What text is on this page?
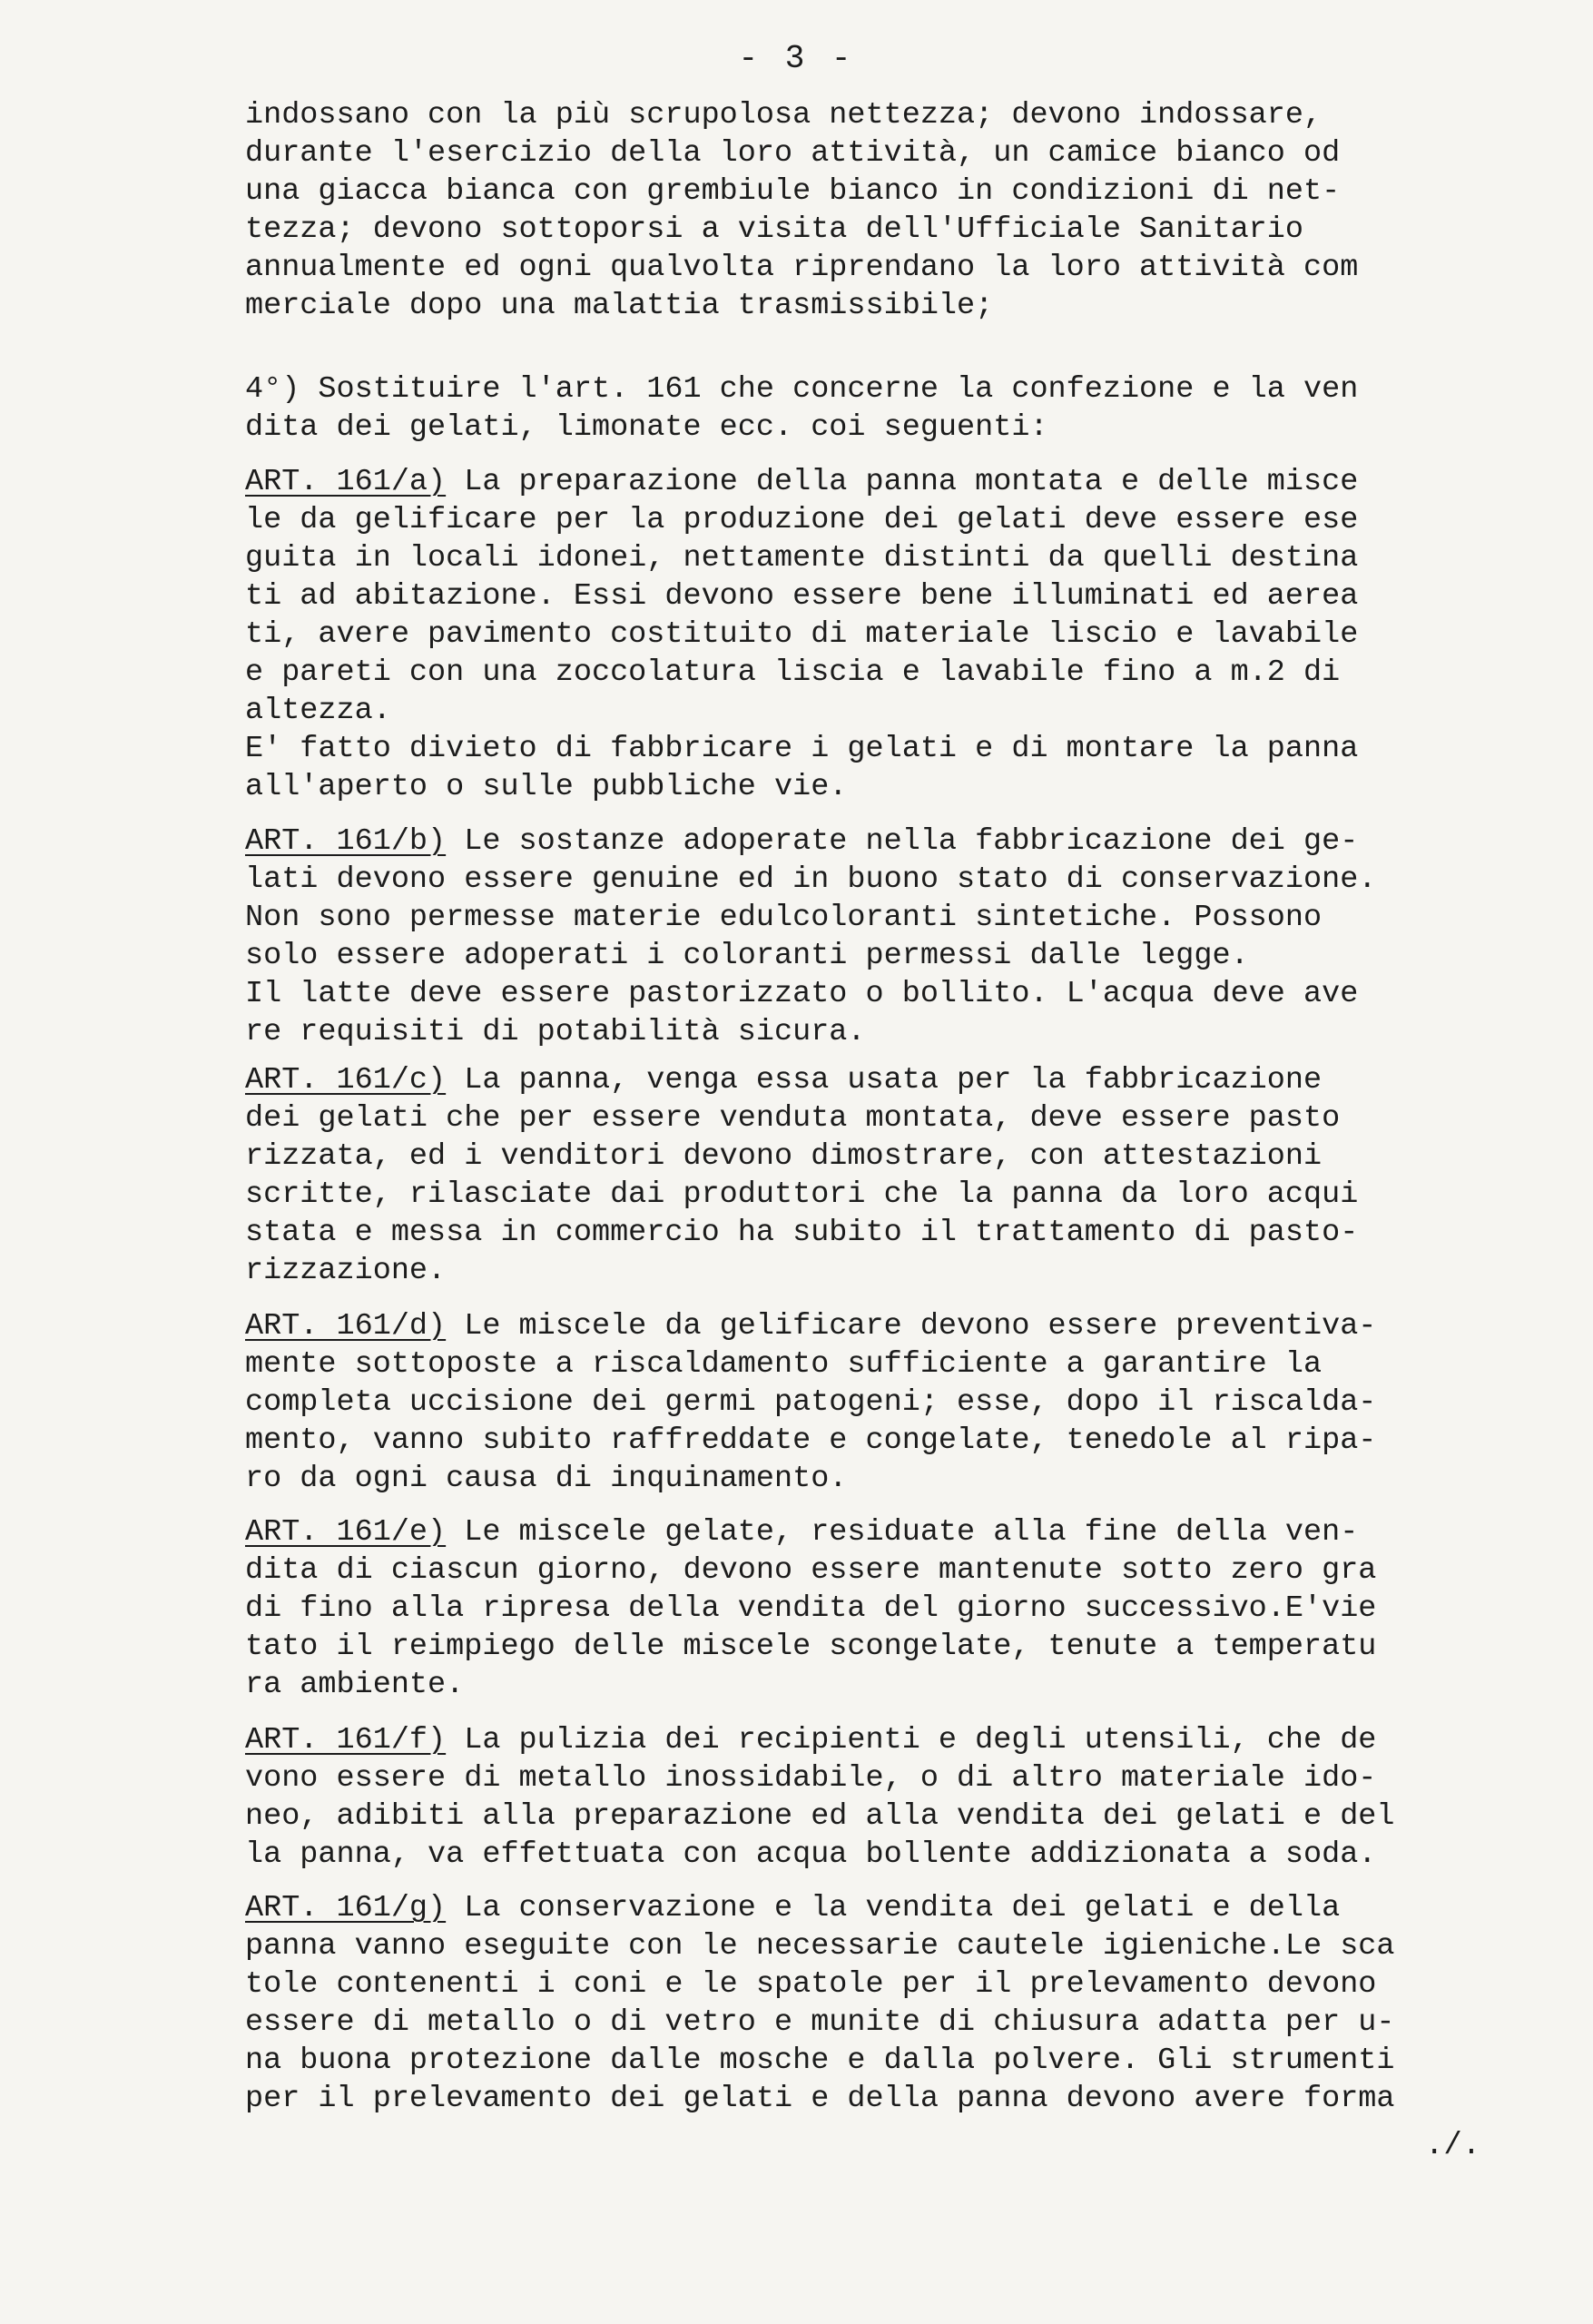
- 3 -
indossano con la più scrupolosa nettezza; devono indossare,
durante l'esercizio della loro attività, un camice bianco od
una giacca bianca con grembiule bianco in condizioni di net-
tezza; devono sottoporsi a visita dell'Ufficiale Sanitario
annualmente ed ogni qualvolta riprendano la loro attività com
merciale dopo una malattia trasmissibile;
4°) Sostituire l'art. 161 che concerne la confezione e la ven
dita dei gelati, limonate ecc. coi seguenti:
ART. 161/a) La preparazione della panna montata e delle misce
le da gelificare per la produzione dei gelati deve essere ese
guita in locali idonei, nettamente distinti da quelli destina
ti ad abitazione. Essi devono essere bene illuminati ed aerea
ti, avere pavimento costituito di materiale liscio e lavabile
e pareti con una zoccolatura liscia e lavabile fino a m.2 di
altezza.
E' fatto divieto di fabbricare i gelati e di montare la panna
all'aperto o sulle pubbliche vie.
ART. 161/b) Le sostanze adoperate nella fabbricazione dei ge-
lati devono essere genuine ed in buono stato di conservazione.
Non sono permesse materie edulcoloranti sintetiche. Possono
solo essere adoperati i coloranti permessi dalle legge.
Il latte deve essere pastorizzato o bollito. L'acqua deve ave
re requisiti di potabilità sicura.
ART. 161/c) La panna, venga essa usata per la fabbricazione
dei gelati che per essere venduta montata, deve essere pasto
rizzata, ed i venditori devono dimostrare, con attestazioni
scritte, rilasciate dai produttori che la panna da loro acqui
stata e messa in commercio ha subito il trattamento di pasto-
rizzazione.
ART. 161/d) Le miscele da gelificare devono essere preventiva-
mente sottoposte a riscaldamento sufficiente a garantire la
completa uccisione dei germi patogeni; esse, dopo il riscalda-
mento, vanno subito raffreddate e congelate, tenedole al ripa-
ro da ogni causa di inquinamento.
ART. 161/e) Le miscele gelate, residuate alla fine della ven-
dita di ciascun giorno, devono essere mantenute sotto zero gra
di fino alla ripresa della vendita del giorno successivo.E'vie
tato il reimpiego delle miscele scongelate, tenute a temperatu
ra ambiente.
ART. 161/f) La pulizia dei recipienti e degli utensili, che de
vono essere di metallo inossidabile, o di altro materiale ido-
neo, adibiti alla preparazione ed alla vendita dei gelati e del
la panna, va effettuata con acqua bollente addizionata a soda.
ART. 161/g) La conservazione e la vendita dei gelati e della
panna vanno eseguite con le necessarie cautele igieniche.Le sca
tole contenenti i coni e le spatole per il prelevamento devono
essere di metallo o di vetro e munite di chiusura adatta per u-
na buona protezione dalle mosche e dalla polvere. Gli strumenti
per il prelevamento dei gelati e della panna devono avere forma
./.
